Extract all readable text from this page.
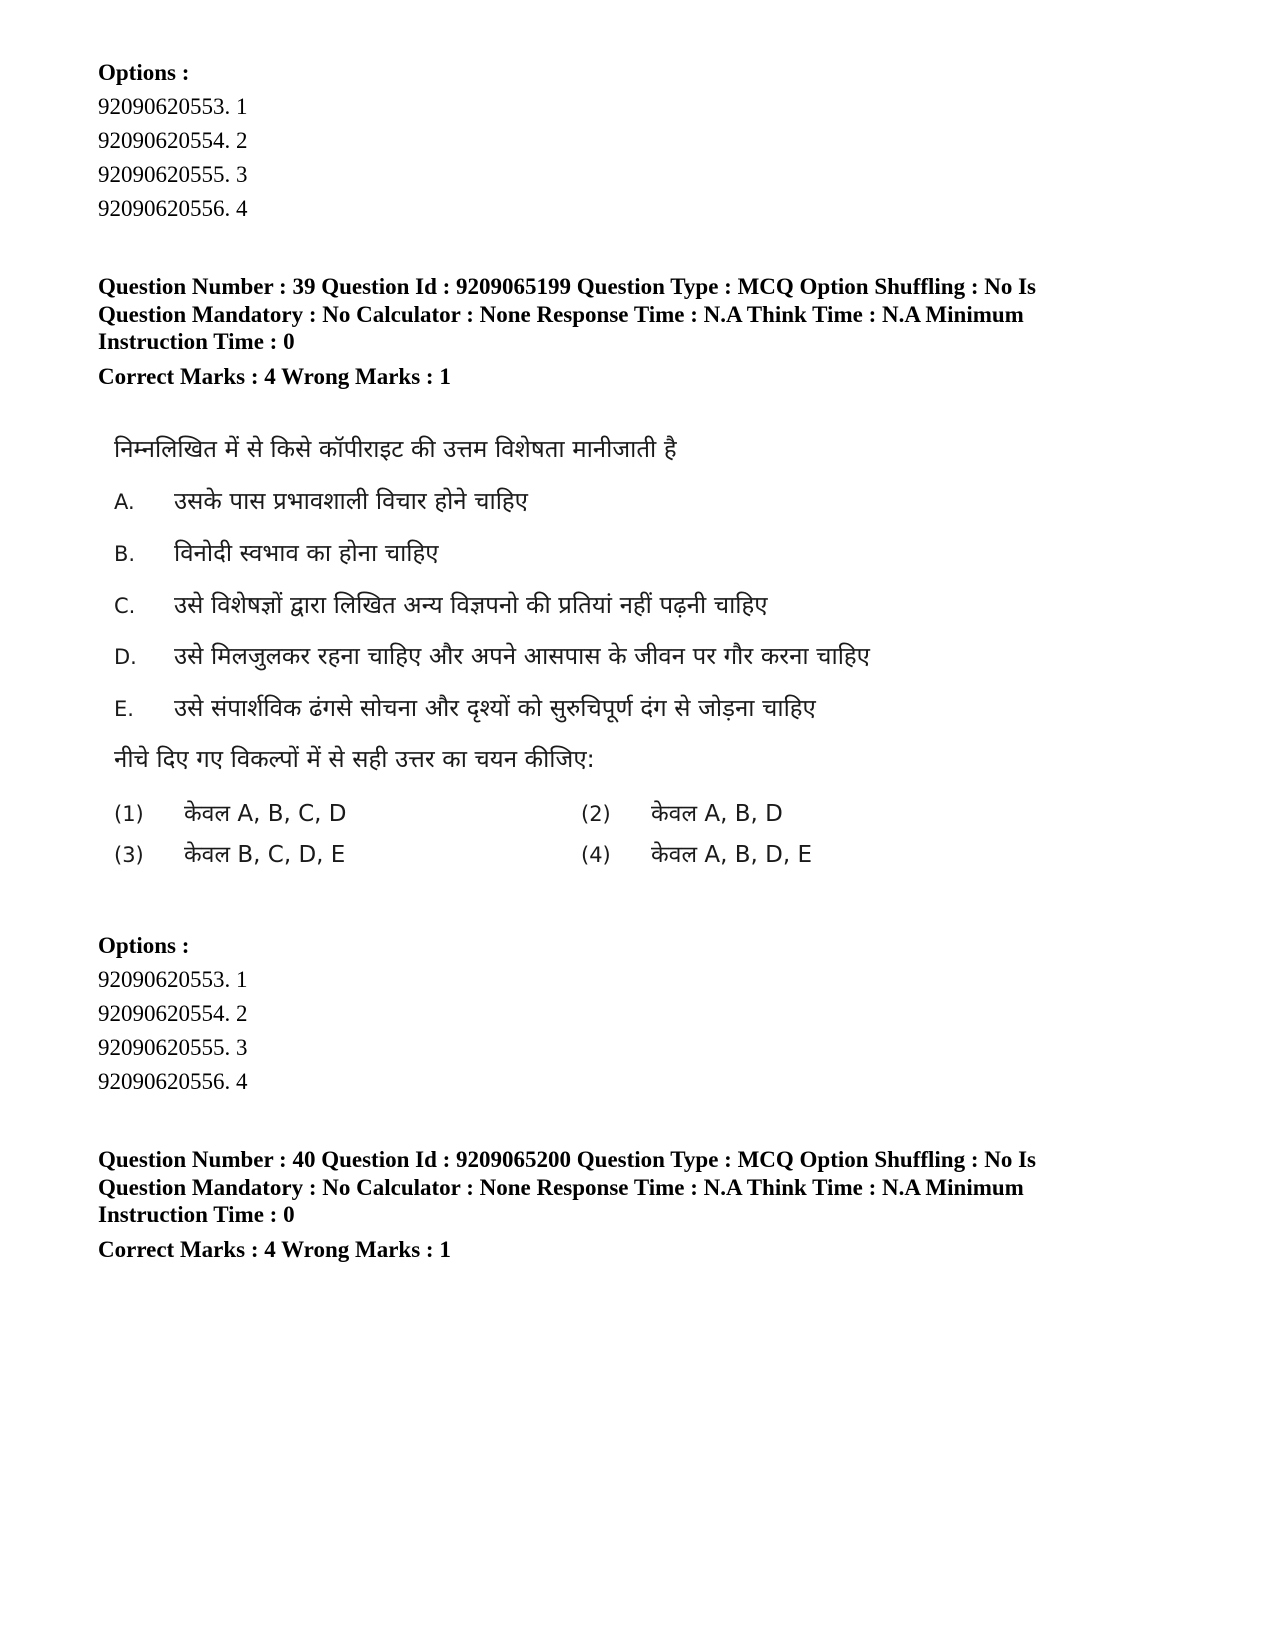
Options :

92090620553. 1

92090620554. 2

92090620555. 3

92090620556. 4

Question Number : 39 Question Id : 9209065199 Question Type : MCQ Option Shuffling : No Is

Question Mandatory : No Calculator : None Response Time : N.A Think Time : N.A Minimum

Instruction Time : 0

Correct Marks : 4 Wrong Marks : 1

निम्नलिखित में से किसे कॉपीराइट की उत्तम विशेषता मानीजाती है
A. उसके पास प्रभावशाली विचार होने चाहिए
B. विनोदी स्वभाव का होना चाहिए
C. उसे विशेषज्ञों द्वारा लिखित अन्य विज्ञपनो की प्रतियां नहीं पढ़नी चाहिए
D. उसे मिलजुलकर रहना चाहिए और अपने आसपास के जीवन पर गौर करना चाहिए
E. उसे संपार्शविक ढंगसे सोचना और दृश्यों को सुरुचिपूर्ण दंग से जोड़ना चाहिए
नीचे दिए गए विकल्पों में से सही उत्तर का चयन कीजिए:
(1) केवल A, B, C, D	(2) केवल A, B, D
(3) केवल B, C, D, E	(4) केवल A, B, D, E

Options :

92090620553. 1

92090620554. 2

92090620555. 3

92090620556. 4

Question Number : 40 Question Id : 9209065200 Question Type : MCQ Option Shuffling : No Is

Question Mandatory : No Calculator : None Response Time : N.A Think Time : N.A Minimum

Instruction Time : 0

Correct Marks : 4 Wrong Marks : 1
